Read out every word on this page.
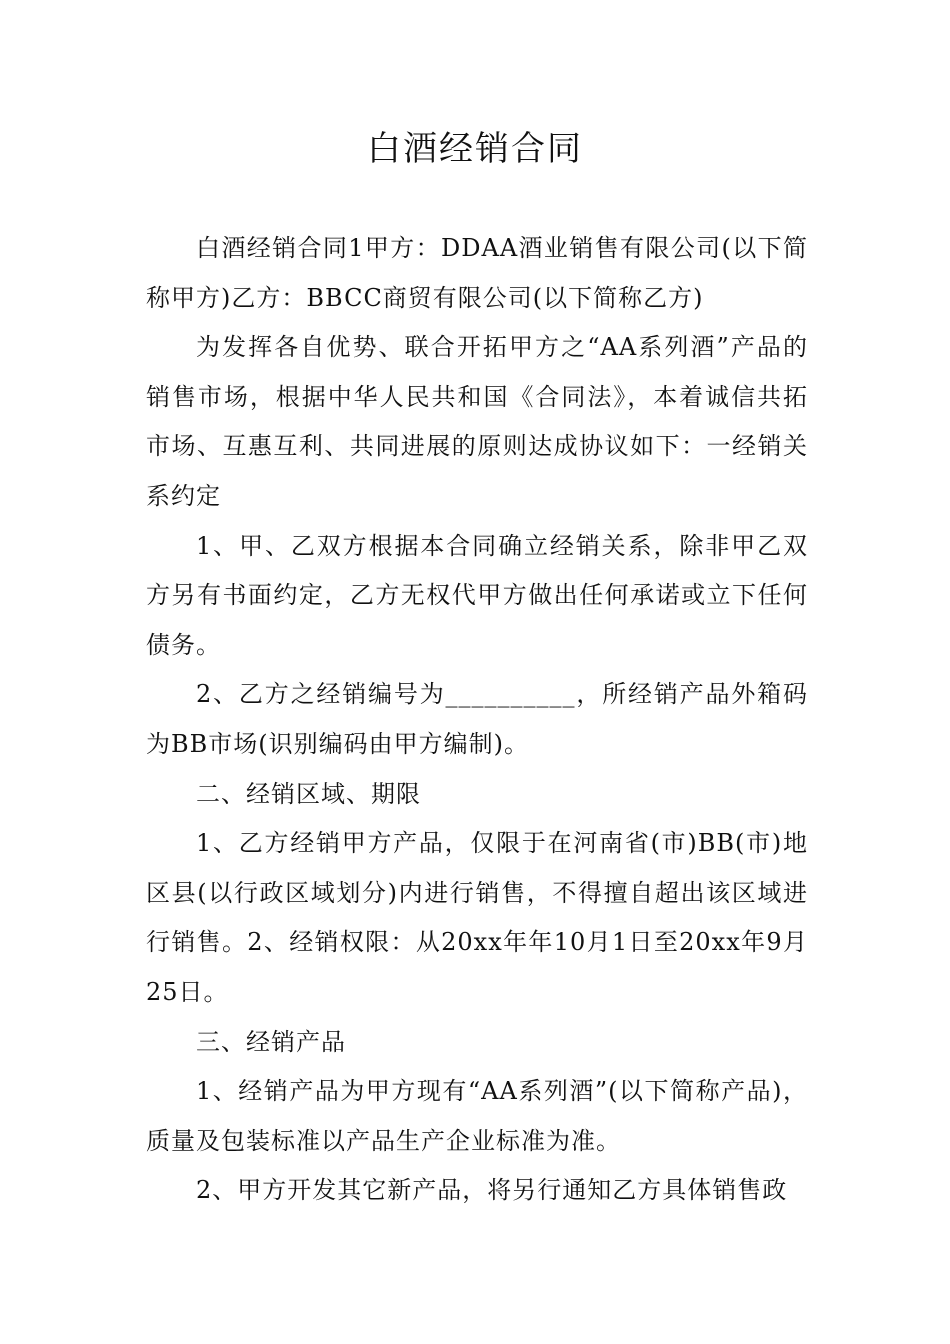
白酒经销合同

白酒经销合同1甲方：DDAA酒业销售有限公司(以下简称甲方)乙方：BBCC商贸有限公司(以下简称乙方)

为发挥各自优势、联合开拓甲方之“AA系列酒”产品的销售市场，根据中华人民共和国《合同法》，本着诚信共拓市场、互惠互利、共同进展的原则达成协议如下：一经销关系约定

1、甲、乙双方根据本合同确立经销关系，除非甲乙双方另有书面约定，乙方无权代甲方做出任何承诺或立下任何债务。

2、乙方之经销编号为__________，所经销产品外箱码为BB市场(识别编码由甲方编制)。

二、经销区域、期限

1、乙方经销甲方产品，仅限于在河南省(市)BB(市)地区县(以行政区域划分)内进行销售，不得擅自超出该区域进行销售。2、经销权限：从20xx年年10月1日至20xx年9月25日。

三、经销产品

1、经销产品为甲方现有“AA系列酒”(以下简称产品)，质量及包装标准以产品生产企业标准为准。

2、甲方开发其它新产品，将另行通知乙方具体销售政
